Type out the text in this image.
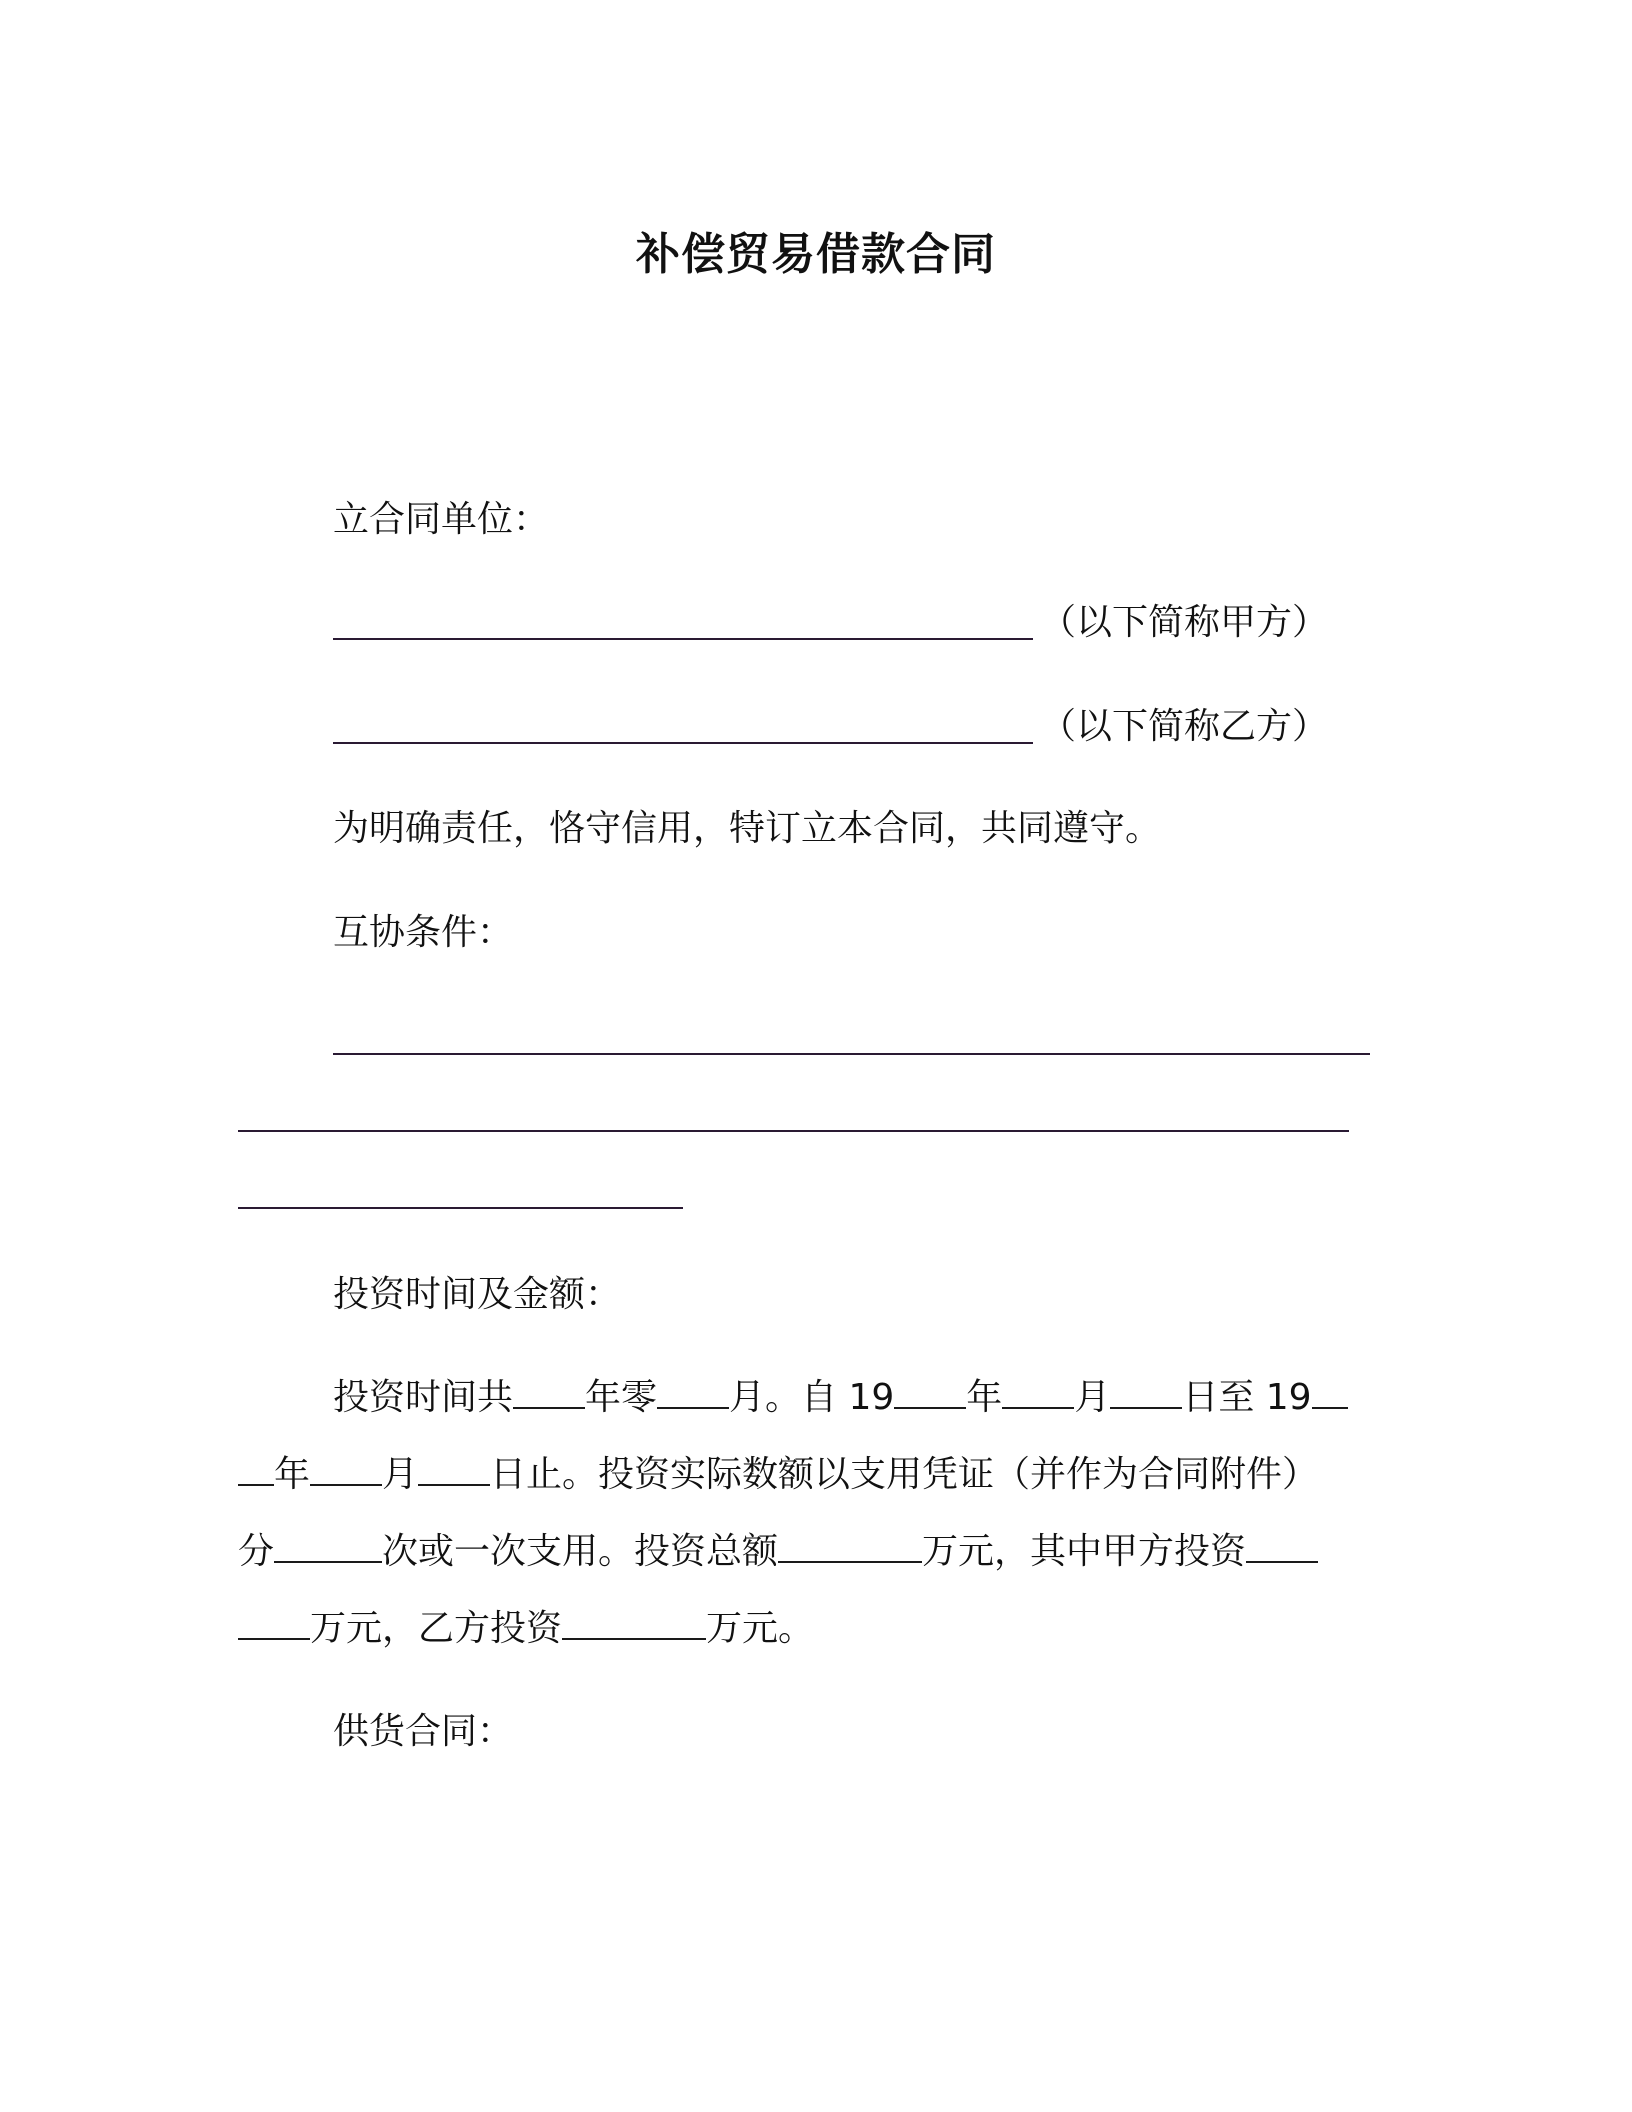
补偿贸易借款合同
立合同单位：
（以下简称甲方）
（以下简称乙方）
为明确责任，恪守信用，特订立本合同，共同遵守。
互协条件：
投资时间及金额：
投资时间共 年零 月。自 19 年 月 日至 19
年 月 日止。投资实际数额以支用凭证（并作为合同附件）
分	次或一次支用。投资总额	万元，其中甲方投资
万元，乙方投资	万元。
供货合同：
